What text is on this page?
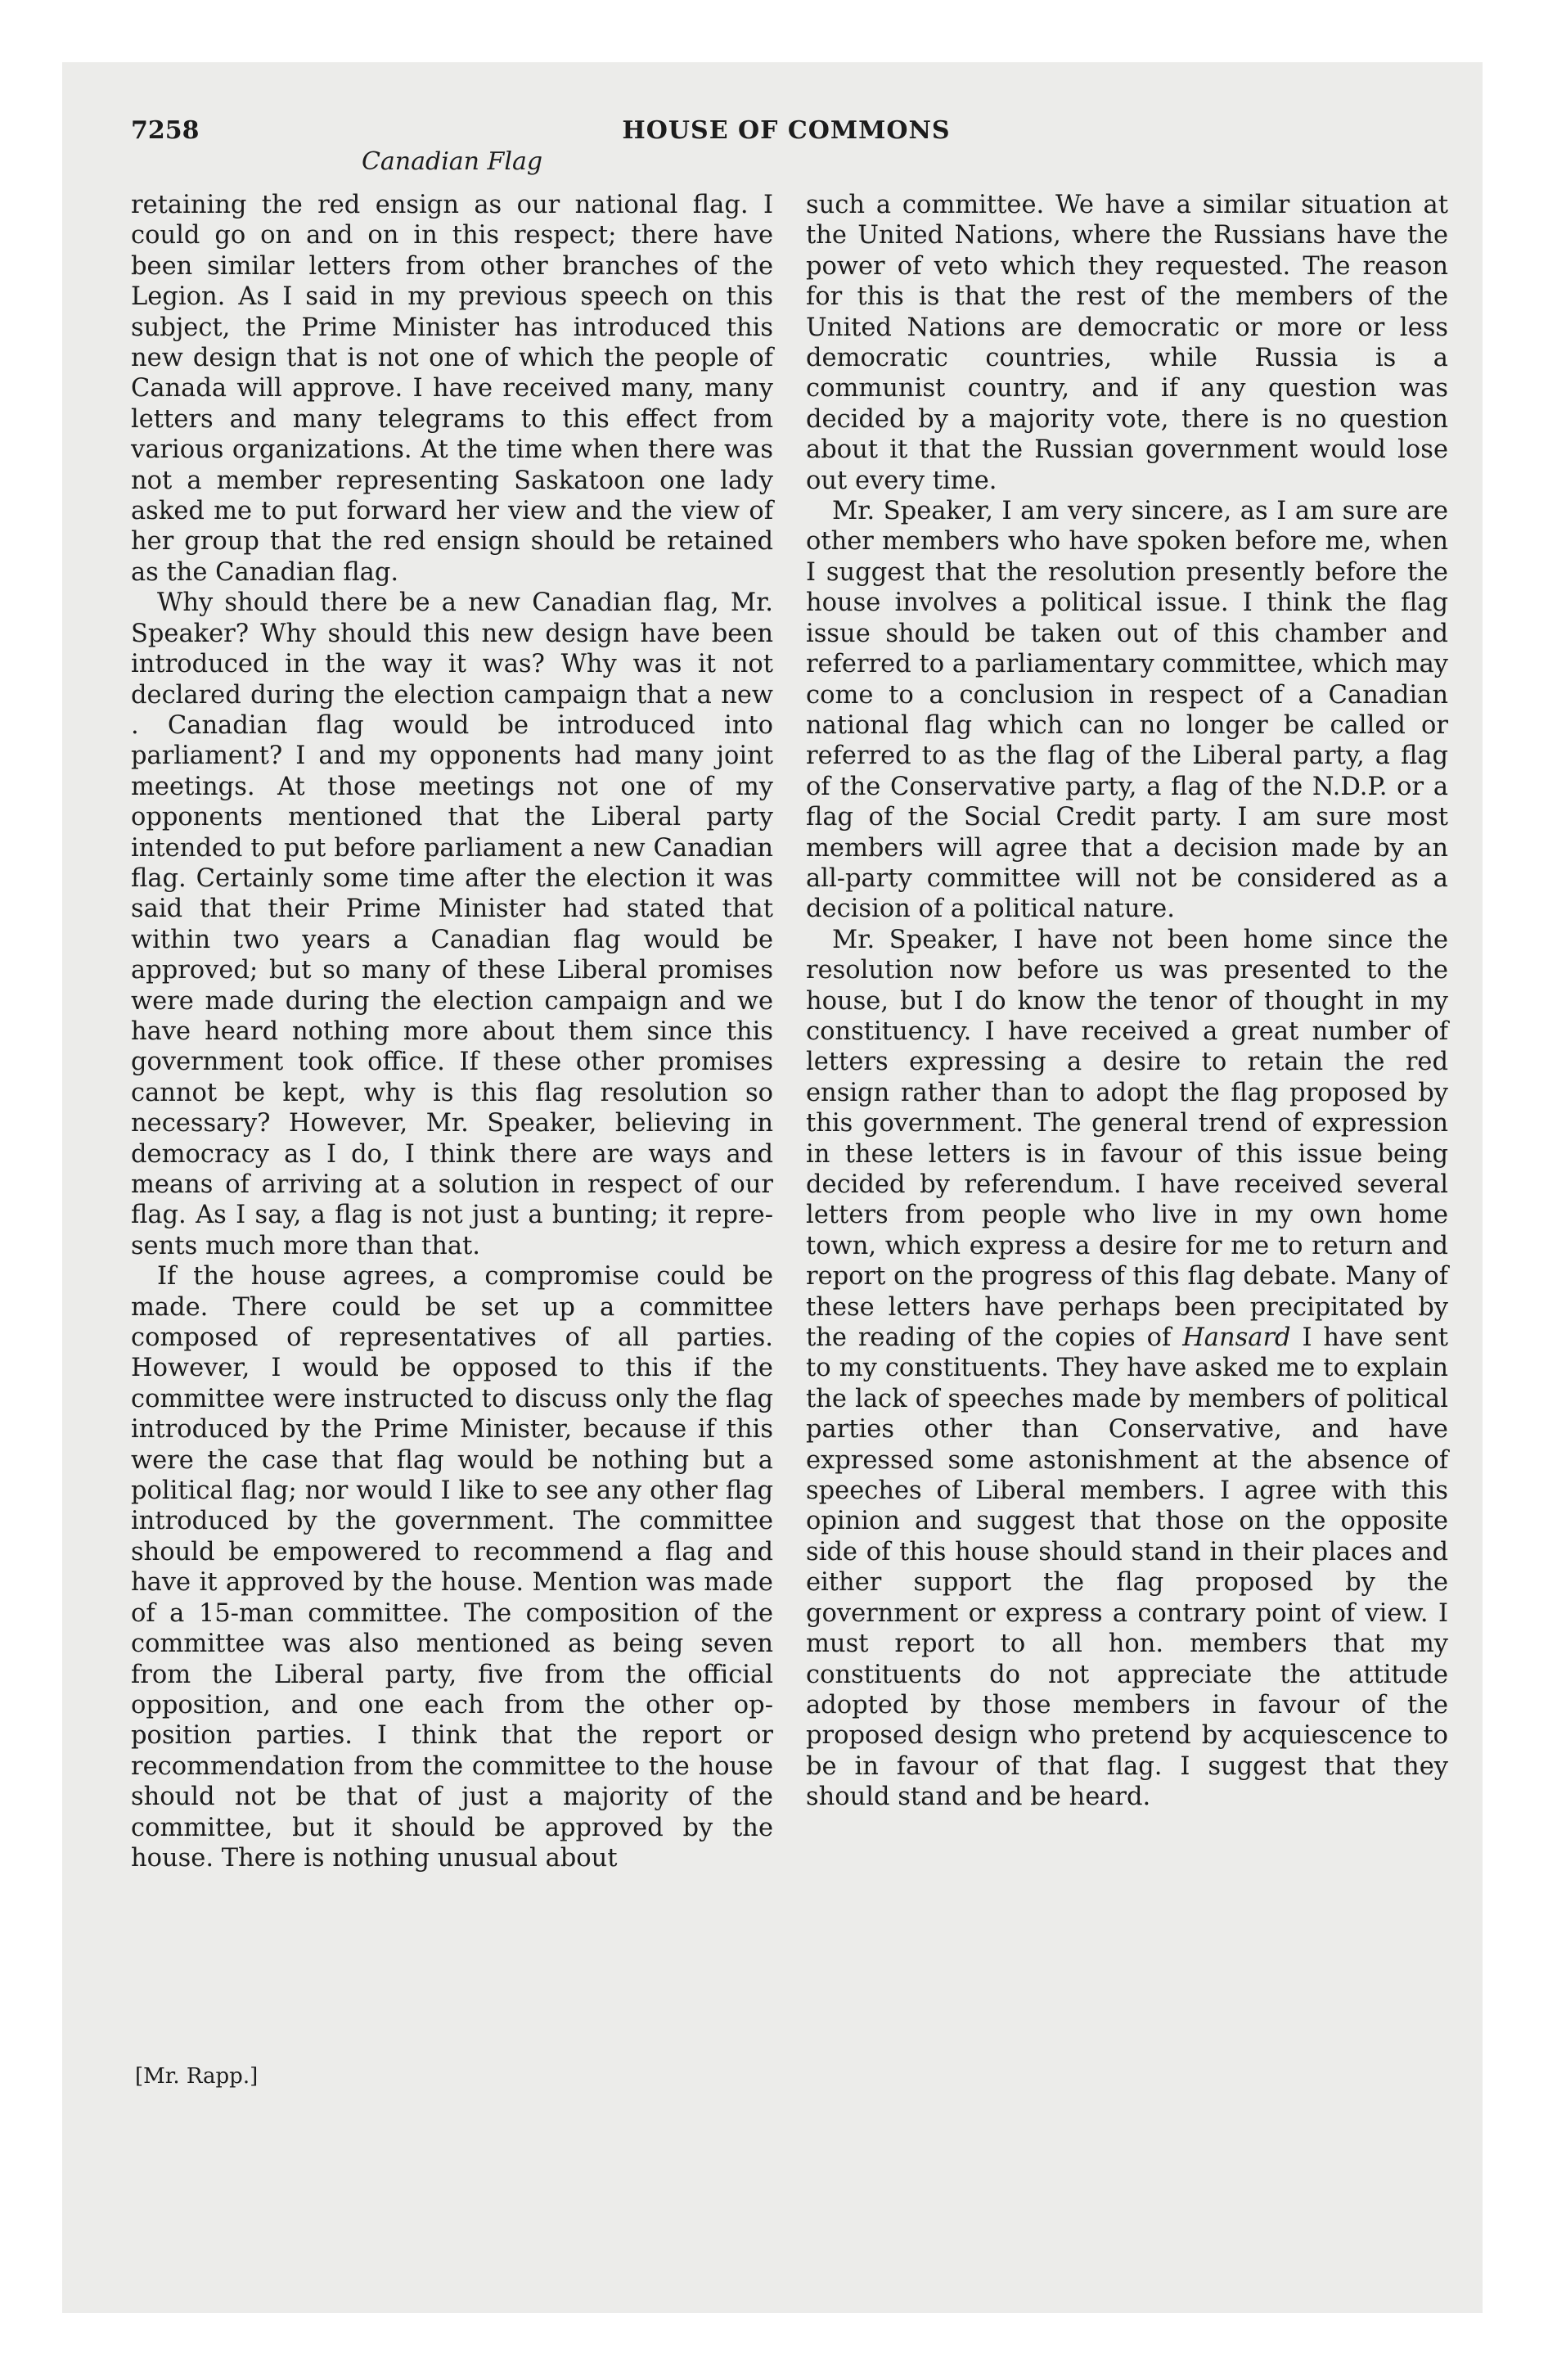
7258	HOUSE OF COMMONS
Canadian Flag

retaining the red ensign as our national flag. I could go on and on in this respect; there have been similar letters from other branches of the Legion. As I said in my previous speech on this subject, the Prime Minister has introduced this new design that is not one of which the people of Canada will approve. I have received many, many letters and many telegrams to this effect from various organizations. At the time when there was not a member representing Saskatoon one lady asked me to put forward her view and the view of her group that the red ensign should be retained as the Canadian flag.

Why should there be a new Canadian flag, Mr. Speaker? Why should this new design have been introduced in the way it was? Why was it not declared during the election campaign that a new . Canadian flag would be introduced into parliament? I and my opponents had many joint meetings. At those meetings not one of my opponents mentioned that the Liberal party intended to put before parliament a new Canadian flag. Certainly some time after the election it was said that their Prime Minister had stated that within two years a Canadian flag would be approved; but so many of these Liberal promises were made during the election campaign and we have heard nothing more about them since this government took office. If these other promises cannot be kept, why is this flag resolution so necessary? However, Mr. Speaker, believing in democracy as I do, I think there are ways and means of arriving at a solution in respect of our flag. As I say, a flag is not just a bunting; it represents much more than that.

If the house agrees, a compromise could be made. There could be set up a committee composed of representatives of all parties. However, I would be opposed to this if the committee were instructed to discuss only the flag introduced by the Prime Minister, because if this were the case that flag would be nothing but a political flag; nor would I like to see any other flag introduced by the government. The committee should be empowered to recommend a flag and have it approved by the house. Mention was made of a 15-man committee. The composition of the committee was also mentioned as being seven from the Liberal party, five from the official opposition, and one each from the other opposition parties. I think that the report or recommendation from the committee to the house should not be that of just a majority of the committee, but it should be approved by the house. There is nothing unusual about

such a committee. We have a similar situation at the United Nations, where the Russians have the power of veto which they requested. The reason for this is that the rest of the members of the United Nations are democratic or more or less democratic countries, while Russia is a communist country, and if any question was decided by a majority vote, there is no question about it that the Russian government would lose out every time.

Mr. Speaker, I am very sincere, as I am sure are other members who have spoken before me, when I suggest that the resolution presently before the house involves a political issue. I think the flag issue should be taken out of this chamber and referred to a parliamentary committee, which may come to a conclusion in respect of a Canadian national flag which can no longer be called or referred to as the flag of the Liberal party, a flag of the Conservative party, a flag of the N.D.P. or a flag of the Social Credit party. I am sure most members will agree that a decision made by an all-party committee will not be considered as a decision of a political nature.

Mr. Speaker, I have not been home since the resolution now before us was presented to the house, but I do know the tenor of thought in my constituency. I have received a great number of letters expressing a desire to retain the red ensign rather than to adopt the flag proposed by this government. The general trend of expression in these letters is in favour of this issue being decided by referendum. I have received several letters from people who live in my own home town, which express a desire for me to return and report on the progress of this flag debate. Many of these letters have perhaps been precipitated by the reading of the copies of Hansard I have sent to my constituents. They have asked me to explain the lack of speeches made by members of political parties other than Conservative, and have expressed some astonishment at the absence of speeches of Liberal members. I agree with this opinion and suggest that those on the opposite side of this house should stand in their places and either support the flag proposed by the government or express a contrary point of view. I must report to all hon. members that my constituents do not appreciate the attitude adopted by those members in favour of the proposed design who pretend by acquiescence to be in favour of that flag. I suggest that they should stand and be heard.

[Mr. Rapp.]
